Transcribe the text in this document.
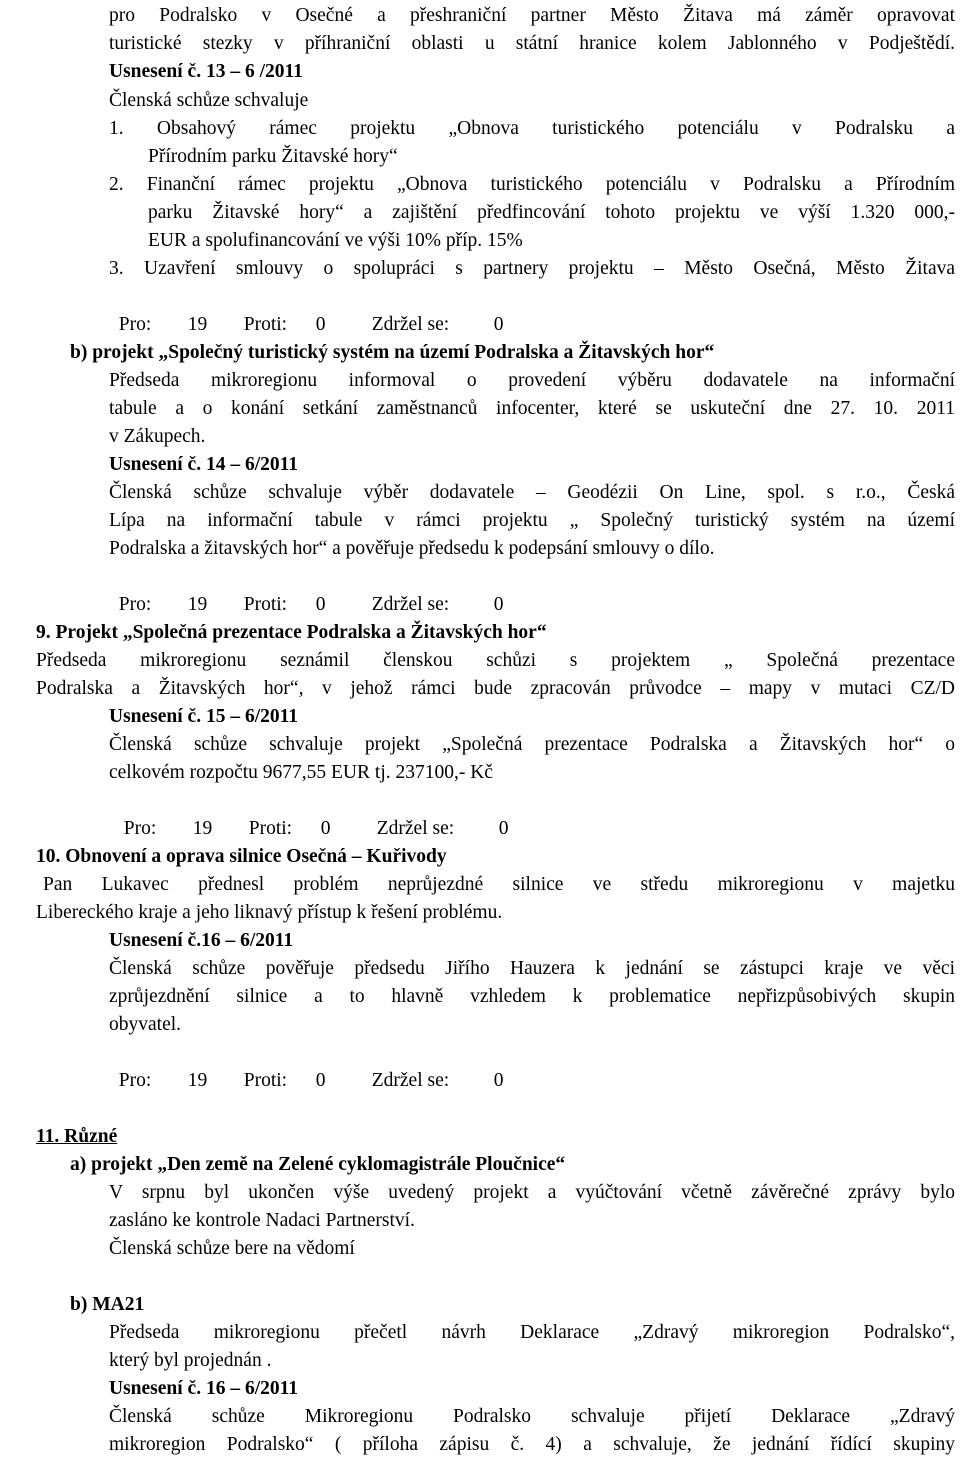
pro Podralsko v Osečné a přeshraniční partner Město Žitava má záměr opravovat
turistické stezky v příhraniční oblasti u státní hranice kolem Jablonného v Podještědí.
Usnesení č. 13 – 6 /2011
Členská schůze schvaluje
1. Obsahový rámec projektu „Obnova turistického potenciálu v Podralsku a
Přírodním parku Žitavské hory“
2. Finanční rámec projektu „Obnova turistického potenciálu v Podralsku a Přírodním
parku Žitavské hory“ a zajištění předfincování tohoto projektu ve výší 1.320 000,-
EUR a spolufinancování ve výši 10% příp. 15%
3. Uzavření smlouvy o spolupráci s partnery projektu – Město Osečná, Město Žitava

Pro: 19 Proti: 0 Zdržel se: 0

b) projekt „Společný turistický systém na území Podralska a Žitavských hor“
Předseda mikroregionu informoval o provedení výběru dodavatele na informační
tabule a o konání setkání zaměstnanců infocenter, které se uskuteční dne 27. 10. 2011
v Zákupech.
Usnesení č. 14 – 6/2011
Členská schůze schvaluje výběr dodavatele – Geodézii On Line, spol. s r.o., Česká
Lípa na informační tabule v rámci projektu „ Společný turistický systém na území
Podralska a žitavských hor“ a pověřuje předsedu k podepsání smlouvy o dílo.

Pro: 19 Proti: 0 Zdržel se: 0

9. Projekt „Společná prezentace Podralska a Žitavských hor“
Předseda mikroregionu seznámil členskou schůzi s projektem „ Společná prezentace
Podralska a Žitavských hor“, v jehož rámci bude zpracován průvodce – mapy v mutaci CZ/D
Usnesení č. 15 – 6/2011
Členská schůze schvaluje projekt „Společná prezentace Podralska a Žitavských hor“ o
celkovém rozpočtu 9677,55 EUR tj. 237100,- Kč

Pro: 19 Proti: 0 Zdržel se: 0

10. Obnovení a oprava silnice Osečná – Kuřivody
Pan Lukavec přednesl problém neprůjezdné silnice ve středu mikroregionu v majetku
Libereckého kraje a jeho liknavý přístup k řešení problému.
Usnesení č.16 – 6/2011
Členská schůze pověřuje předsedu Jiřího Hauzera k jednání se zástupci kraje ve věci
zprůjezdnění silnice a to hlavně vzhledem k problematice nepřizpůsobivých skupin
obyvatel.

Pro: 19 Proti: 0 Zdržel se: 0

11. Různé
a) projekt „Den země na Zelené cyklomagistrále Ploučnice“
V srpnu byl ukončen výše uvedený projekt a vyúčtování včetně závěrečné zprávy bylo
zasláno ke kontrole Nadaci Partnerství.
Členská schůze bere na vědomí
b) MA21
Předseda mikroregionu přečetl návrh Deklarace „Zdravý mikroregion Podralsko“,
který byl projednán .
Usnesení č. 16 – 6/2011
Členská schůze Mikroregionu Podralsko schvaluje přijetí Deklarace „Zdravý
mikroregion Podralsko“ ( příloha zápisu č. 4) a schvaluje, že jednání řídící skupiny
